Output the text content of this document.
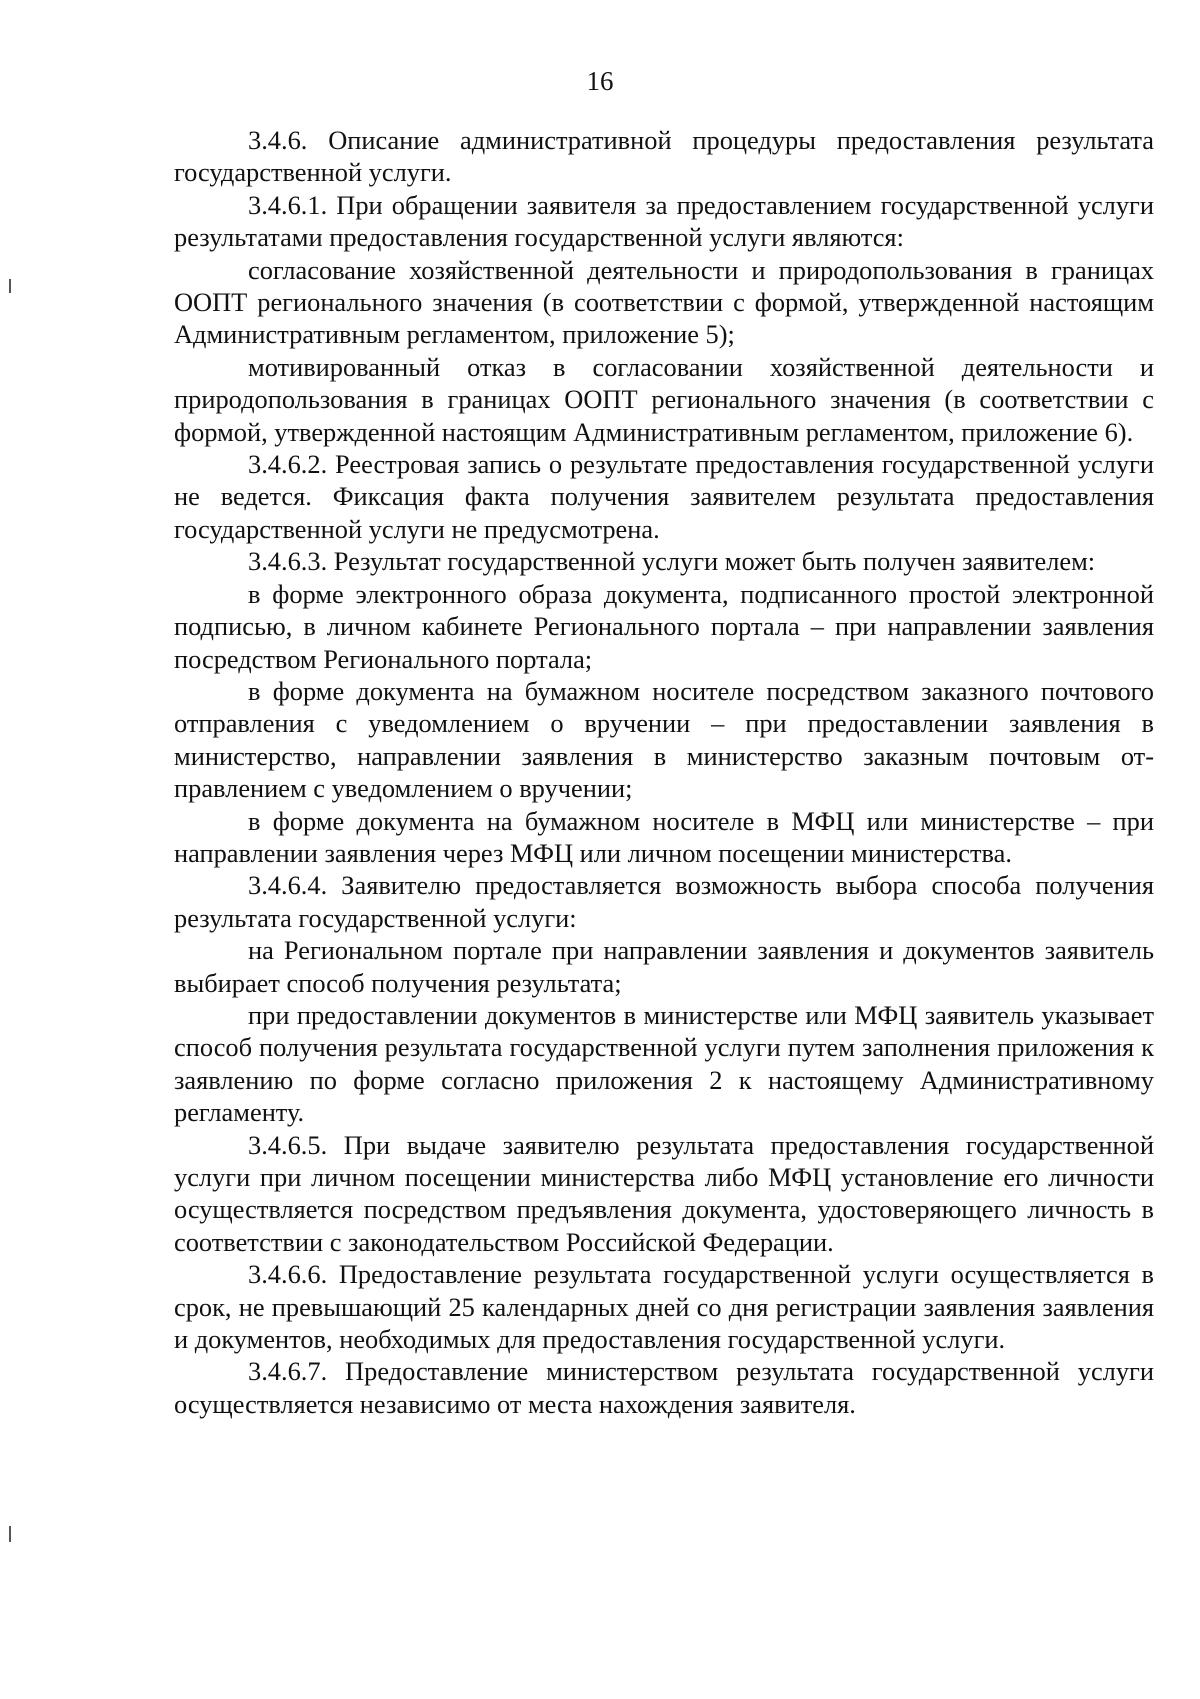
16

3.4.6. Описание административной процедуры предоставления результата государственной услуги.

3.4.6.1. При обращении заявителя за предоставлением государственной услуги результатами предоставления государственной услуги являются:

согласование хозяйственной деятельности и природопользования в границах ООПТ регионального значения (в соответствии с формой, утвержденной настоящим Административным регламентом, приложение 5);

мотивированный отказ в согласовании хозяйственной деятельности и природопользования в границах ООПТ регионального значения (в соответствии с формой, утвержденной настоящим Административным регламентом, приложение 6).

3.4.6.2. Реестровая запись о результате предоставления государственной услуги не ведется. Фиксация факта получения заявителем результата предоставления государственной услуги не предусмотрена.

3.4.6.3. Результат государственной услуги может быть получен заявителем:

в форме электронного образа документа, подписанного простой электронной подписью, в личном кабинете Регионального портала – при направлении заявления посредством Регионального портала;

в форме документа на бумажном носителе посредством заказного почтового отправления с уведомлением о вручении – при предоставлении заявления в министерство, направлении заявления в министерство заказным почтовым отправлением с уведомлением о вручении;

в форме документа на бумажном носителе в МФЦ или министерстве – при направлении заявления через МФЦ или личном посещении министерства.

3.4.6.4. Заявителю предоставляется возможность выбора способа получения результата государственной услуги:

на Региональном портале при направлении заявления и документов заявитель выбирает способ получения результата;

при предоставлении документов в министерстве или МФЦ заявитель указывает способ получения результата государственной услуги путем заполнения приложения к заявлению по форме согласно приложения 2 к настоящему Административному регламенту.

3.4.6.5. При выдаче заявителю результата предоставления государственной услуги при личном посещении министерства либо МФЦ установление его личности осуществляется посредством предъявления документа, удостоверяющего личность в соответствии с законодательством Российской Федерации.

3.4.6.6. Предоставление результата государственной услуги осуществляется в срок, не превышающий 25 календарных дней со дня регистрации заявления заявления и документов, необходимых для предоставления государственной услуги.

3.4.6.7. Предоставление министерством результата государственной услуги осуществляется независимо от места нахождения заявителя.
